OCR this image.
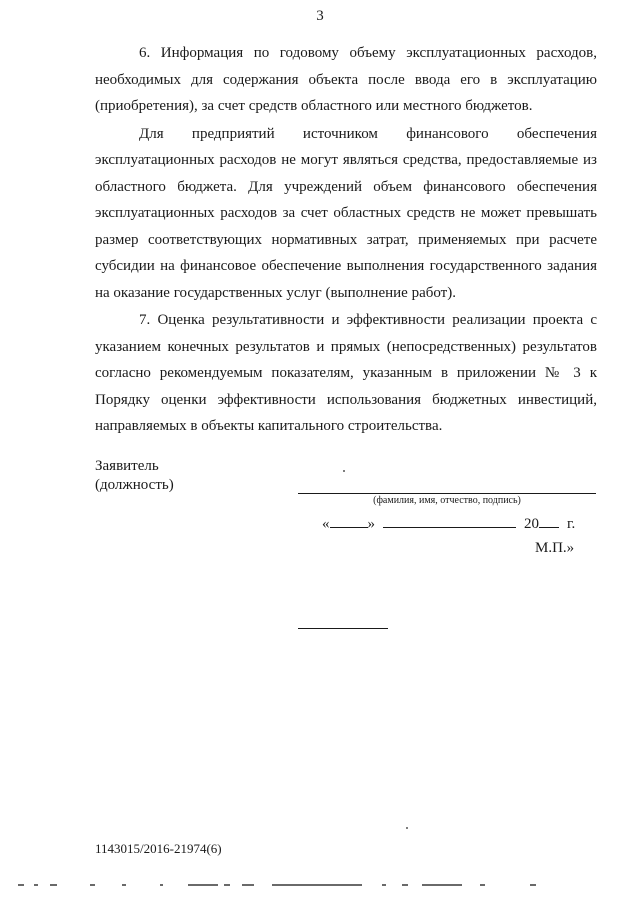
3

6. Информация по годовому объему эксплуатационных расходов, необходимых для содержания объекта после ввода его в эксплуатацию (приобретения), за счет средств областного или местного бюджетов.

Для предприятий источником финансового обеспечения эксплуатационных расходов не могут являться средства, предоставляемые из областного бюджета. Для учреждений объем финансового обеспечения эксплуатационных расходов за счет областных средств не может превышать размер соответствующих нормативных затрат, применяемых при расчете субсидии на финансовое обеспечение выполнения государственного задания на оказание государственных услуг (выполнение работ).

7. Оценка результативности и эффективности реализации проекта с указанием конечных результатов и прямых (непосредственных) результатов согласно рекомендуемым показателям, указанным в приложении № 3 к Порядку оценки эффективности использования бюджетных инвестиций, направляемых в объекты капитального строительства.

Заявитель
(должность)
(фамилия, имя, отчество, подпись)
«	»	20 г.
М.П.»
1143015/2016-21974(6)
